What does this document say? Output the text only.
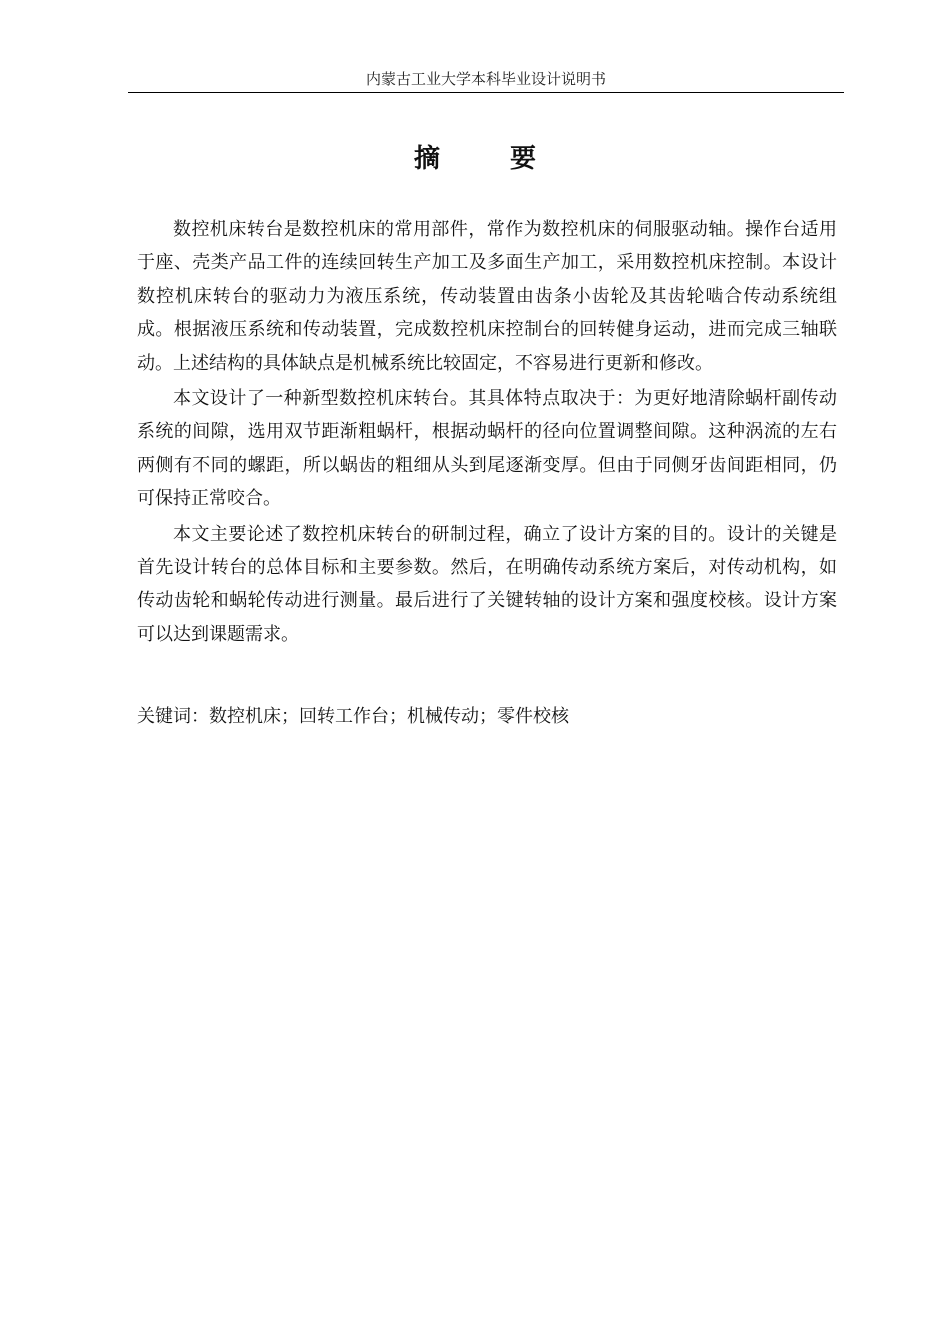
内蒙古工业大学本科毕业设计说明书
摘　要

数控机床转台是数控机床的常用部件，常作为数控机床的伺服驱动轴。操作台适用于座、壳类产品工件的连续回转生产加工及多面生产加工，采用数控机床控制。本设计数控机床转台的驱动力为液压系统，传动装置由齿条小齿轮及其齿轮啮合传动系统组成。根据液压系统和传动装置，完成数控机床控制台的回转健身运动，进而完成三轴联动。上述结构的具体缺点是机械系统比较固定，不容易进行更新和修改。

本文设计了一种新型数控机床转台。其具体特点取决于：为更好地清除蜗杆副传动系统的间隙，选用双节距渐粗蜗杆，根据动蜗杆的径向位置调整间隙。这种涡流的左右两侧有不同的螺距，所以蜗齿的粗细从头到尾逐渐变厚。但由于同侧牙齿间距相同，仍可保持正常咬合。

本文主要论述了数控机床转台的研制过程，确立了设计方案的目的。设计的关键是首先设计转台的总体目标和主要参数。然后，在明确传动系统方案后，对传动机构，如传动齿轮和蜗轮传动进行测量。最后进行了关键转轴的设计方案和强度校核。设计方案可以达到课题需求。

关键词：数控机床；回转工作台；机械传动；零件校核
